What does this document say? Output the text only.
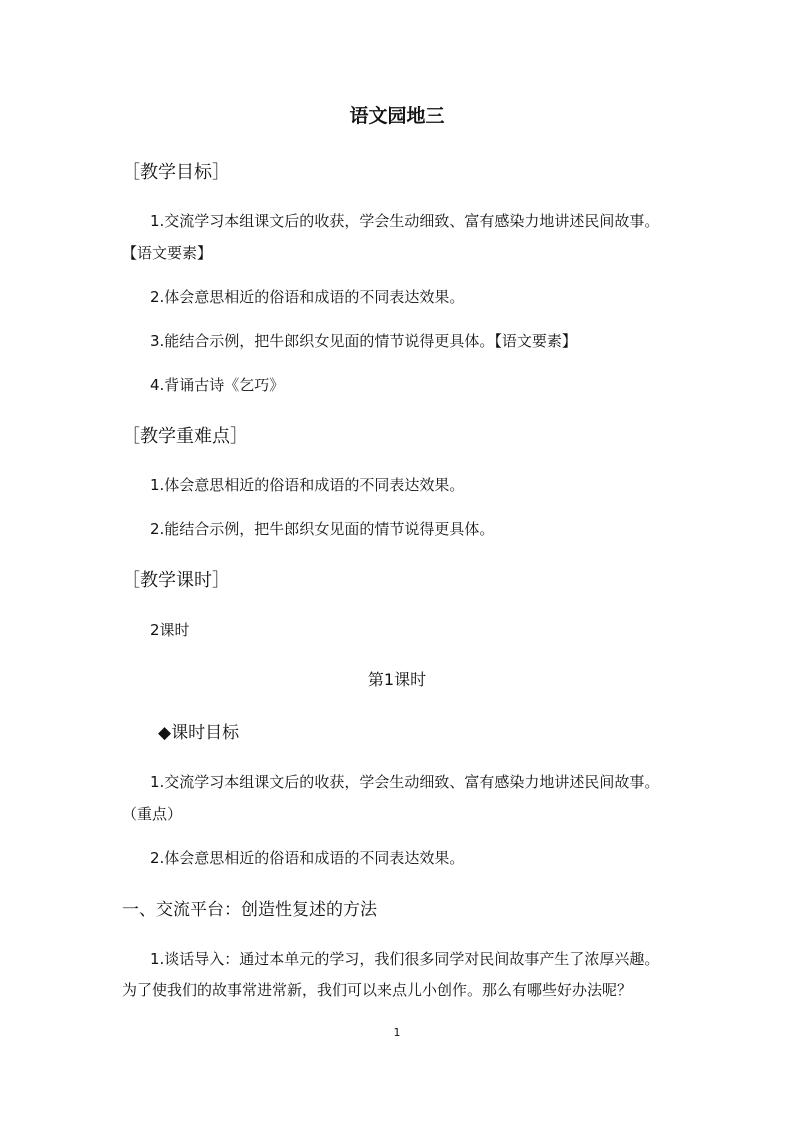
语文园地三
［教学目标］
1.交流学习本组课文后的收获，学会生动细致、富有感染力地讲述民间故事。
【语文要素】
2.体会意思相近的俗语和成语的不同表达效果。
3.能结合示例，把牛郎织女见面的情节说得更具体。【语文要素】
4.背诵古诗《乞巧》
［教学重难点］
1.体会意思相近的俗语和成语的不同表达效果。
2.能结合示例，把牛郎织女见面的情节说得更具体。
［教学课时］
2课时
第1课时
◆课时目标
1.交流学习本组课文后的收获，学会生动细致、富有感染力地讲述民间故事。
（重点）
2.体会意思相近的俗语和成语的不同表达效果。
一、交流平台：创造性复述的方法
1.谈话导入：通过本单元的学习，我们很多同学对民间故事产生了浓厚兴趣。
为了使我们的故事常进常新，我们可以来点儿小创作。那么有哪些好办法呢？
1
